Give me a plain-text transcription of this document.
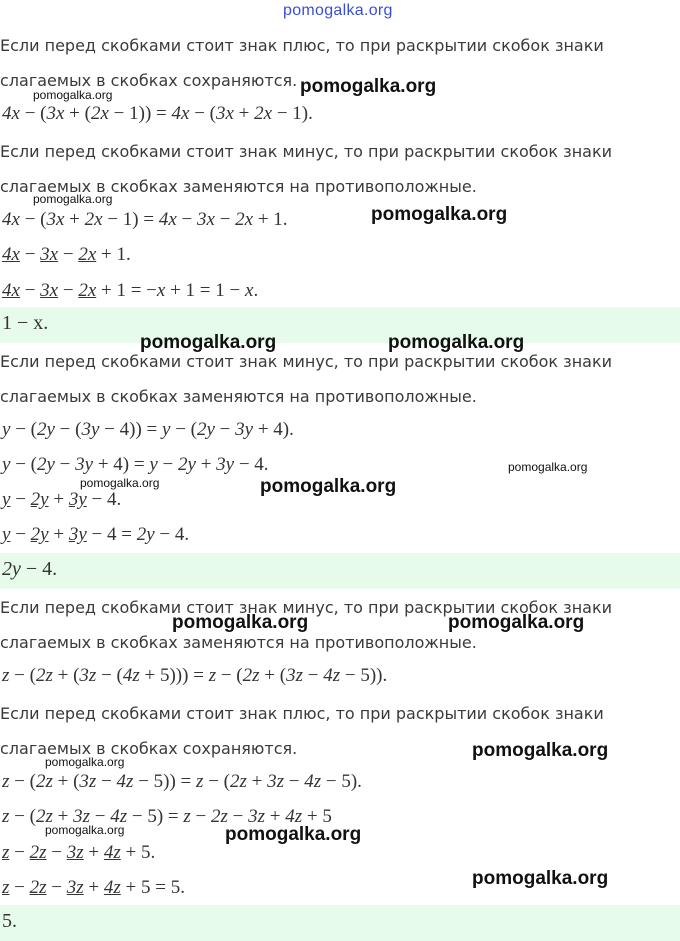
pomogalka.org
Если перед скобками стоит знак плюс, то при раскрытии скобок знаки
слагаемых в скобках сохраняются.
4x − (3x + (2x − 1)) = 4x − (3x + 2x − 1).
Если перед скобками стоит знак минус, то при раскрытии скобок знаки
слагаемых в скобках заменяются на противоположные.
4x − (3x + 2x − 1) = 4x − 3x − 2x + 1.
4x − 3x − 2x + 1.
4x − 3x − 2x + 1 = −x + 1 = 1 − x.
1 − x.
Если перед скобками стоит знак минус, то при раскрытии скобок знаки
слагаемых в скобках заменяются на противоположные.
y − (2y − (3y − 4)) = y − (2y − 3y + 4).
y − (2y − 3y + 4) = y − 2y + 3y − 4.
y − 2y + 3y − 4.
y − 2y + 3y − 4 = 2y − 4.
2y − 4.
Если перед скобками стоит знак минус, то при раскрытии скобок знаки
слагаемых в скобках заменяются на противоположные.
z − (2z + (3z − (4z + 5))) = z − (2z + (3z − 4z − 5)).
Если перед скобками стоит знак плюс, то при раскрытии скобок знаки
слагаемых в скобках сохраняются.
z − (2z + (3z − 4z − 5)) = z − (2z + 3z − 4z − 5).
z − (2z + 3z − 4z − 5) = z − 2z − 3z + 4z + 5
z − 2z − 3z + 4z + 5.
z − 2z − 3z + 4z + 5 = 5.
5.
pomogalka.org
pomogalka.org
pomogalka.org
pomogalka.org
pomogalka.org	pomogalka.org
pomogalka.org
pomogalka.org	pomogalka.org
pomogalka.org	pomogalka.org
pomogalka.org
pomogalka.org
pomogalka.org	pomogalka.org
pomogalka.org
